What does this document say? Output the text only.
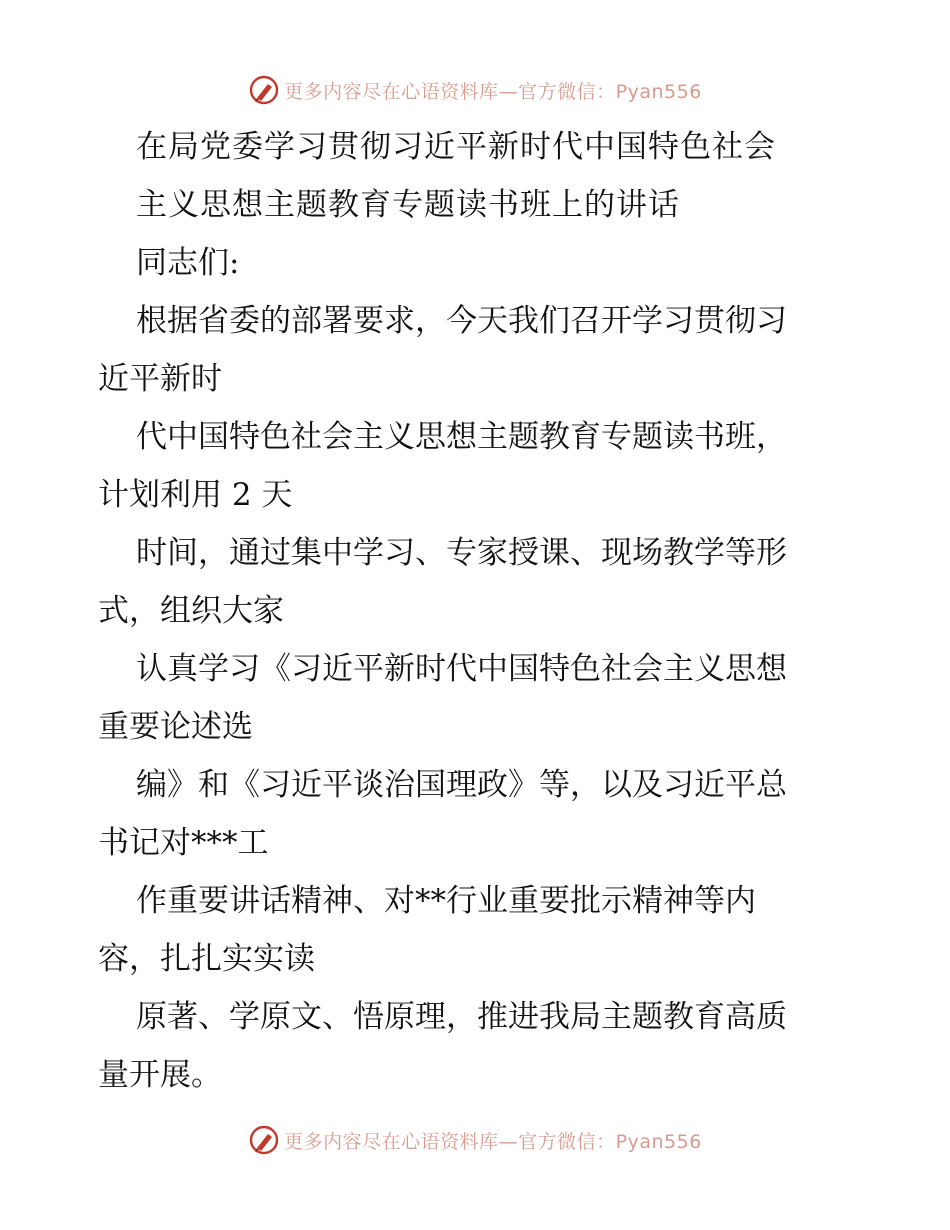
更多内容尽在心语资料库—官方微信：Pyan556
在局党委学习贯彻习近平新时代中国特色社会
主义思想主题教育专题读书班上的讲话
同志们:
根据省委的部署要求，今天我们召开学习贯彻习
近平新时
代中国特色社会主义思想主题教育专题读书班，
计划利用 2 天
时间，通过集中学习、专家授课、现场教学等形
式，组织大家
认真学习《习近平新时代中国特色社会主义思想
重要论述选
编》和《习近平谈治国理政》等，以及习近平总
书记对***工
作重要讲话精神、对**行业重要批示精神等内
容，扎扎实实读
原著、学原文、悟原理，推进我局主题教育高质
量开展。
更多内容尽在心语资料库—官方微信：Pyan556
